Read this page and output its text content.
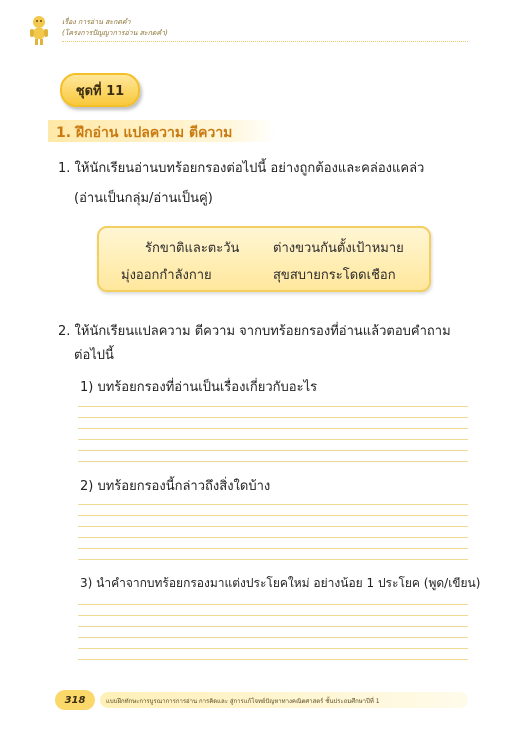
เรื่อง การอ่าน สะกดคำ
(โครงการปัญญาการอ่าน สะกดคำ)
ชุดที่ 11
1. ฝึกอ่าน แปลความ ตีความ
1. ให้นักเรียนอ่านบทร้อยกรองต่อไปนี้ อย่างถูกต้องและคล่องแคล่ว
(อ่านเป็นกลุ่ม/อ่านเป็นคู่)
รักขาติและตะวัน	ต่างขวนกันตั้งเป้าหมาย
มุ่งออกกำลังกาย	สุขสบายกระโดดเชือก
2. ให้นักเรียนแปลความ ตีความ จากบทร้อยกรองที่อ่านแล้วตอบคำถาม
ต่อไปนี้
1) บทร้อยกรองที่อ่านเป็นเรื่องเกี่ยวกับอะไร
2) บทร้อยกรองนี้กล่าวถึงสิ่งใดบ้าง
3) นำคำจากบทร้อยกรองมาแต่งประโยคใหม่ อย่างน้อย 1 ประโยค (พูด/เขียน)
318	แบบฝึกทักษะการบูรณาการการอ่าน การคิดและ สู่การแก้โจทย์ปัญหาทางคณิตศาสตร์ ชั้นประถมศึกษาปีที่ 1
